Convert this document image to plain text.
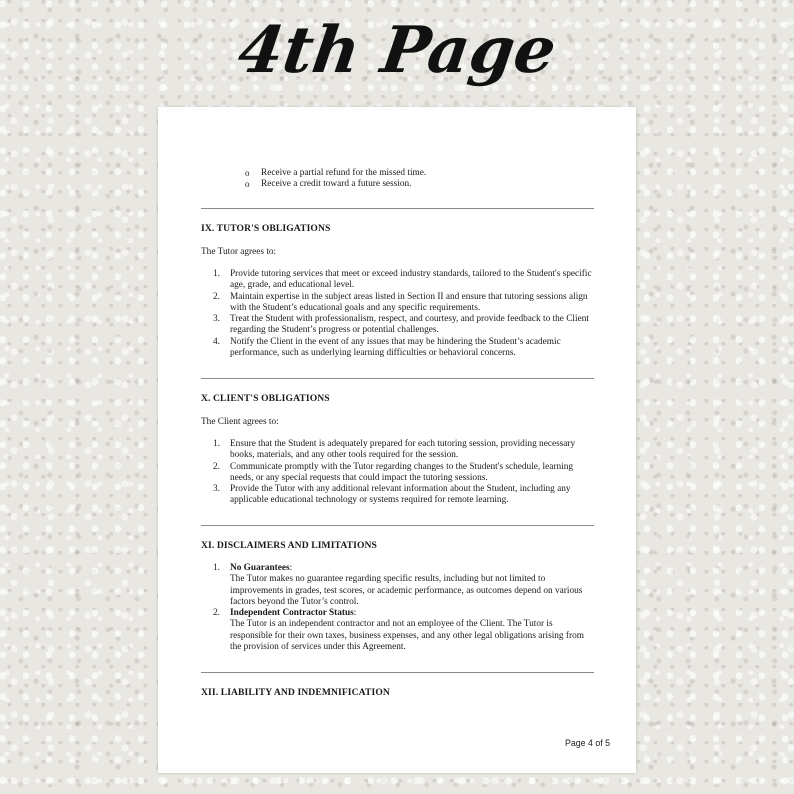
4th Page
o Receive a partial refund for the missed time.
o Receive a credit toward a future session.
IX. TUTOR'S OBLIGATIONS
The Tutor agrees to:
1. Provide tutoring services that meet or exceed industry standards, tailored to the Student's specific age, grade, and educational level.
2. Maintain expertise in the subject areas listed in Section II and ensure that tutoring sessions align with the Student’s educational goals and any specific requirements.
3. Treat the Student with professionalism, respect, and courtesy, and provide feedback to the Client regarding the Student’s progress or potential challenges.
4. Notify the Client in the event of any issues that may be hindering the Student’s academic performance, such as underlying learning difficulties or behavioral concerns.
X. CLIENT'S OBLIGATIONS
The Client agrees to:
1. Ensure that the Student is adequately prepared for each tutoring session, providing necessary books, materials, and any other tools required for the session.
2. Communicate promptly with the Tutor regarding changes to the Student's schedule, learning needs, or any special requests that could impact the tutoring sessions.
3. Provide the Tutor with any additional relevant information about the Student, including any applicable educational technology or systems required for remote learning.
XI. DISCLAIMERS AND LIMITATIONS
1. No Guarantees:
The Tutor makes no guarantee regarding specific results, including but not limited to improvements in grades, test scores, or academic performance, as outcomes depend on various factors beyond the Tutor’s control.
2. Independent Contractor Status:
The Tutor is an independent contractor and not an employee of the Client. The Tutor is responsible for their own taxes, business expenses, and any other legal obligations arising from the provision of services under this Agreement.
XII. LIABILITY AND INDEMNIFICATION
Page 4 of 5
